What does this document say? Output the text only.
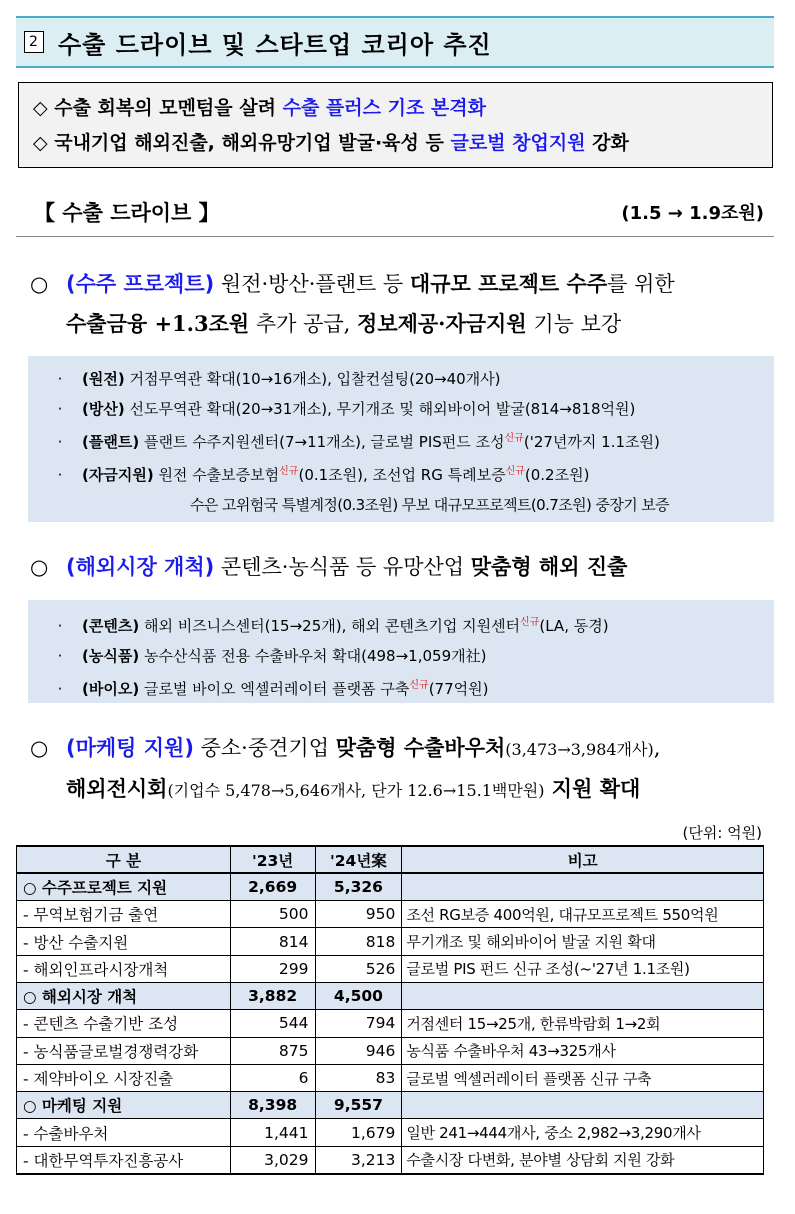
2 수출 드라이브 및 스타트업 코리아 추진
◇ 수출 회복의 모멘텀을 살려 수출 플러스 기조 본격화
◇ 국내기업 해외진출, 해외유망기업 발굴·육성 등 글로벌 창업지원 강화
【 수출 드라이브 】	(1.5 → 1.9조원)
○ (수주 프로젝트) 원전·방산·플랜트 등 대규모 프로젝트 수주를 위한
수출금융 +1.3조원 추가 공급, 정보제공·자금지원 기능 보강
· (원전) 거점무역관 확대(10→16개소), 입찰컨설팅(20→40개사)
· (방산) 선도무역관 확대(20→31개소), 무기개조 및 해외바이어 발굴(814→818억원)
· (플랜트) 플랜트 수주지원센터(7→11개소), 글로벌 PIS펀드 조성$^{신규}$('27년까지 1.1조원)
· (자금지원) 원전 수출보증보험$^{신규}$(0.1조원), 조선업 RG 특례보증$^{신규}$(0.2조원)
수은 고위험국 특별계정(0.3조원) 무보 대규모프로젝트(0.7조원) 중장기 보증
○ (해외시장 개척) 콘텐츠·농식품 등 유망산업 맞춤형 해외 진출
· (콘텐츠) 해외 비즈니스센터(15→25개), 해외 콘텐츠기업 지원센터$^{신규}$(LA, 동경)
· (농식품) 농수산식품 전용 수출바우처 확대(498→1,059개社)
· (바이오) 글로벌 바이오 엑셀러레이터 플랫폼 구축$^{신규}$(77억원)
○ (마케팅 지원) 중소·중견기업 맞춤형 수출바우처(3,473→3,984개사),
해외전시회(기업수 5,478→5,646개사, 단가 12.6→15.1백만원) 지원 확대
(단위: 억원)
구 분	'23년	'24년案	비고
○ 수주프로젝트 지원	2,669	5,326	
- 무역보험기금 출연	500	950	조선 RG보증 400억원, 대규모프로젝트 550억원
- 방산 수출지원	814	818	무기개조 및 해외바이어 발굴 지원 확대
- 해외인프라시장개척	299	526	글로벌 PIS 펀드 신규 조성(~'27년 1.1조원)
○ 해외시장 개척	3,882	4,500	
- 콘텐츠 수출기반 조성	544	794	거점센터 15→25개, 한류박람회 1→2회
- 농식품글로벌경쟁력강화	875	946	농식품 수출바우처 43→325개사
- 제약바이오 시장진출	6	83	글로벌 엑셀러레이터 플랫폼 신규 구축
○ 마케팅 지원	8,398	9,557	
- 수출바우처	1,441	1,679	일반 241→444개사, 중소 2,982→3,290개사
- 대한무역투자진흥공사	3,029	3,213	수출시장 다변화, 분야별 상담회 지원 강화
